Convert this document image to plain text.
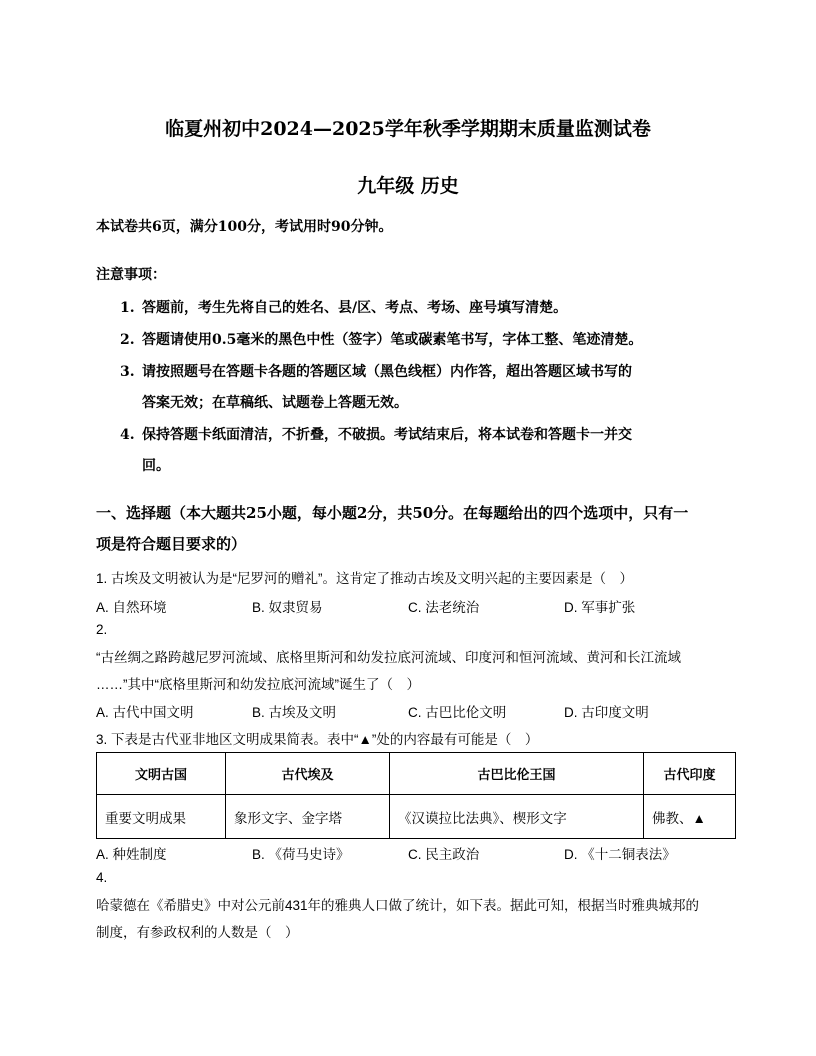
临夏州初中2024—2025学年秋季学期期末质量监测试卷
九年级 历史
本试卷共6页，满分100分，考试用时90分钟。
注意事项：
1. 答题前，考生先将自己的姓名、县/区、考点、考场、座号填写清楚。
2. 答题请使用0.5毫米的黑色中性（签字）笔或碳素笔书写，字体工整、笔迹清楚。
3. 请按照题号在答题卡各题的答题区域（黑色线框）内作答，超出答题区域书写的
答案无效；在草稿纸、试题卷上答题无效。
4. 保持答题卡纸面清洁，不折叠，不破损。考试结束后，将本试卷和答题卡一并交
回。
一、选择题（本大题共25小题，每小题2分，共50分。在每题给出的四个选项中，只有一
项是符合题目要求的）
1. 古埃及文明被认为是“尼罗河的赠礼”。这肯定了推动古埃及文明兴起的主要因素是（　）
A. 自然环境	B. 奴隶贸易	C. 法老统治	D. 军事扩张
2.
“古丝绸之路跨越尼罗河流域、底格里斯河和幼发拉底河流域、印度河和恒河流域、黄河和长江流域
……”其中“底格里斯河和幼发拉底河流域”诞生了（　）
A. 古代中国文明	B. 古埃及文明	C. 古巴比伦文明	D. 古印度文明
3. 下表是古代亚非地区文明成果简表。表中“▲”处的内容最有可能是（　）
文明古国	古代埃及	古巴比伦王国	古代印度
重要文明成果	象形文字、金字塔	《汉谟拉比法典》、楔形文字	佛教、▲
A. 种姓制度	B. 《荷马史诗》	C. 民主政治	D. 《十二铜表法》
4.
哈蒙德在《希腊史》中对公元前431年的雅典人口做了统计，如下表。据此可知，根据当时雅典城邦的
制度，有参政权利的人数是（　）
